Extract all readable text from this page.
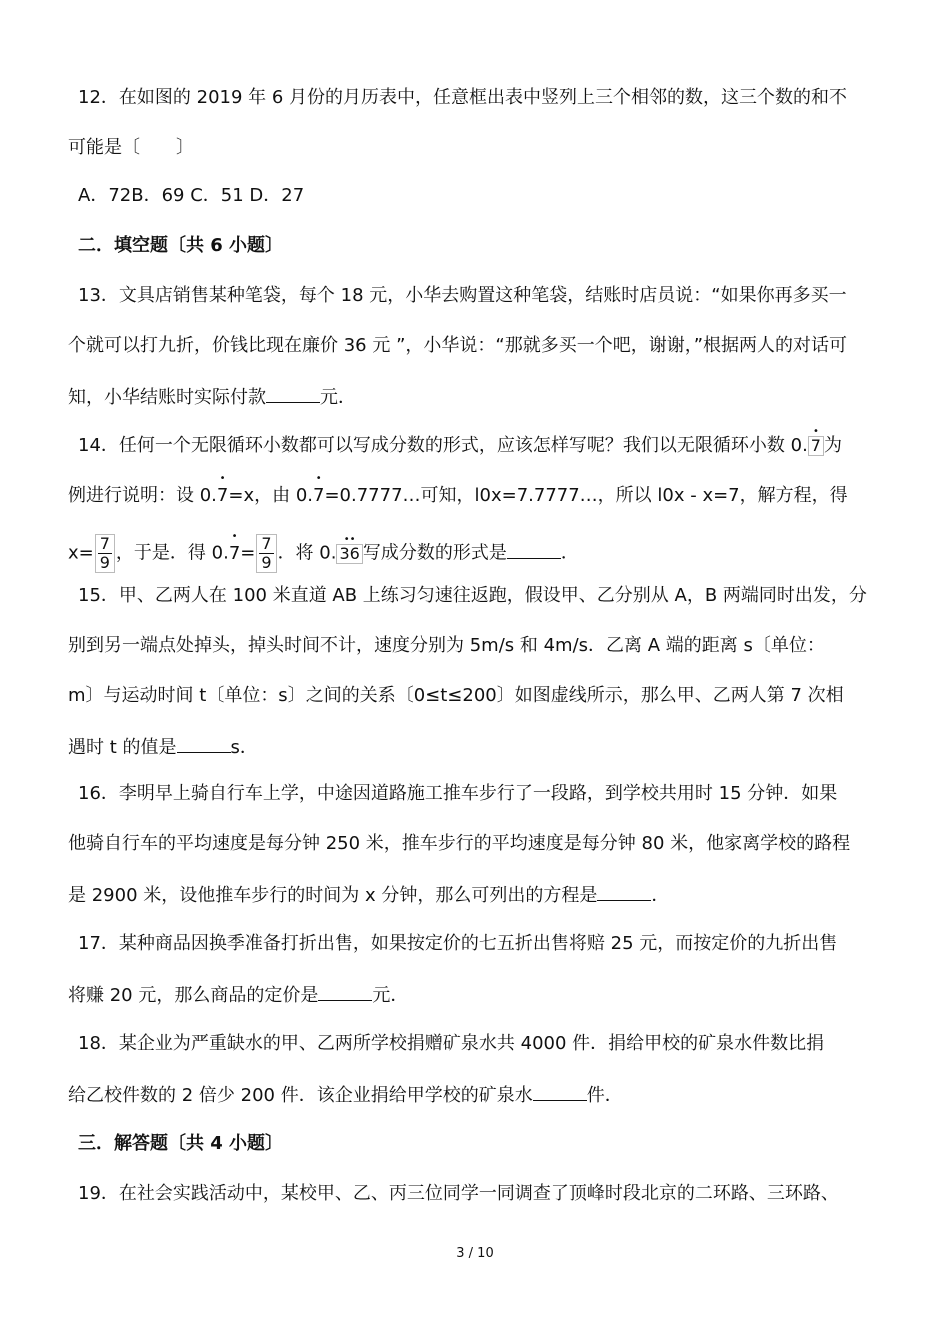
12．在如图的 2019 年 6 月份的月历表中，任意框出表中竖列上三个相邻的数，这三个数的和不
可能是〔　　〕
A．72B．69 C．51 D．27
二．填空题〔共 6 小题〕
13．文具店销售某种笔袋，每个 18 元，小华去购置这种笔袋，结账时店员说：“如果你再多买一
个就可以打九折，价钱比现在廉价 36 元 ”，小华说：“那就多买一个吧，谢谢，”根据两人的对话可
知，小华结账时实际付款	元．
14．任何一个无限循环小数都可以写成分数的形式，应该怎样写呢？我们以无限循环小数 0.
•
7 为
例进行说明：设 0.
•
7=x，由 0.
•
7=0.7777…可知，l0x=7.7777…，所以 l0x - x=7，解方程，得
$x= \frac{7}{9}$ ，于是．得 0.
•
$7= \frac{7}{9}$ ．将 0.
••
36 写成分数的形式是	．
15．甲、乙两人在 100 米直道 AB 上练习匀速往返跑，假设甲、乙分别从 A，B 两端同时出发，分
别到另一端点处掉头，掉头时间不计，速度分别为 5m/s 和 4m/s．乙离 A 端的距离 s〔单位：
m〕与运动时间 t〔单位：s〕之间的关系〔0≤t≤200〕如图虚线所示，那么甲、乙两人第 7 次相
遇时 t 的值是	s．
16．李明早上骑自行车上学，中途因道路施工推车步行了一段路，到学校共用时 15 分钟．如果
他骑自行车的平均速度是每分钟 250 米，推车步行的平均速度是每分钟 80 米，他家离学校的路程
是 2900 米，设他推车步行的时间为 x 分钟，那么可列出的方程是	．
17．某种商品因换季准备打折出售，如果按定价的七五折出售将赔 25 元，而按定价的九折出售
将赚 20 元，那么商品的定价是	元．
18．某企业为严重缺水的甲、乙两所学校捐赠矿泉水共 4000 件．捐给甲校的矿泉水件数比捐
给乙校件数的 2 倍少 200 件．该企业捐给甲学校的矿泉水	件．
三．解答题〔共 4 小题〕
19．在社会实践活动中，某校甲、乙、丙三位同学一同调查了顶峰时段北京的二环路、三环路、
3 / 10
